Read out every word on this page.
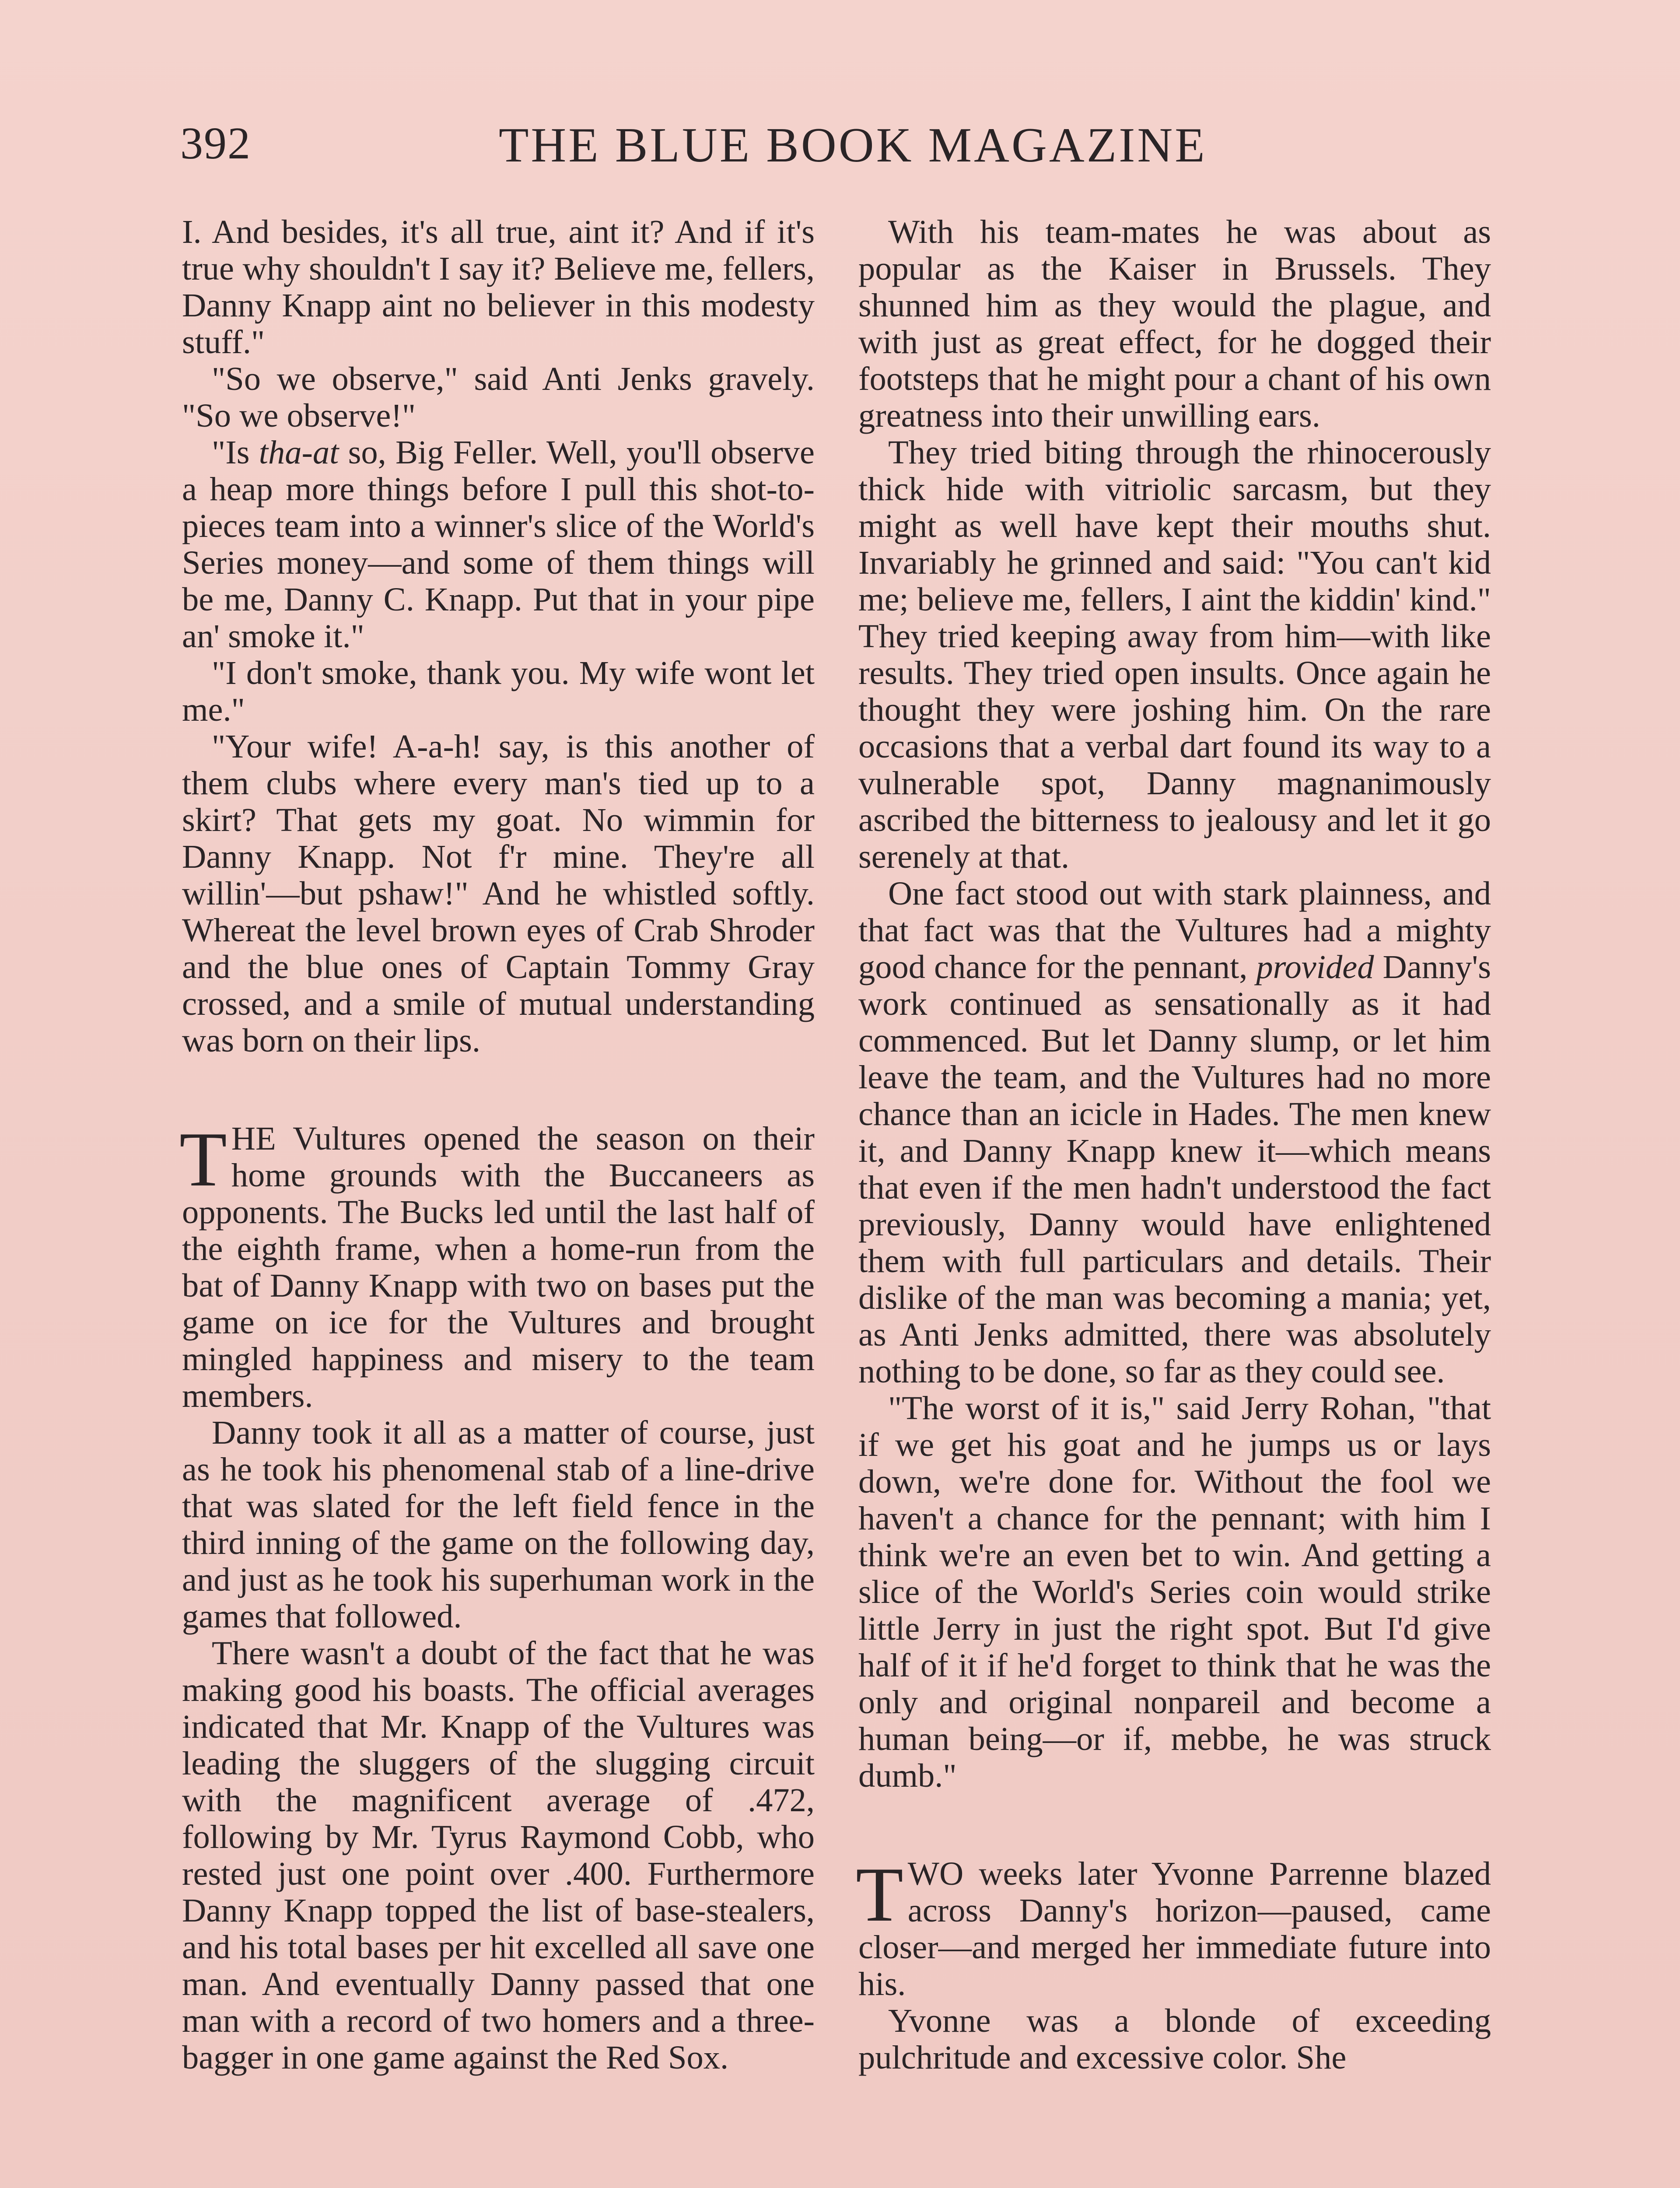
392	THE BLUE BOOK MAGAZINE

I. And besides, it's all true, aint it? And if it's true why shouldn't I say it? Believe me, fellers, Danny Knapp aint no believer in this modesty stuff."

"So we observe," said Anti Jenks gravely. "So we observe!"

"Is tha-at so, Big Feller. Well, you'll observe a heap more things before I pull this shot-to-pieces team into a winner's slice of the World's Series money—and some of them things will be me, Danny C. Knapp. Put that in your pipe an' smoke it."

"I don't smoke, thank you. My wife wont let me."

"Your wife! A-a-h! say, is this another of them clubs where every man's tied up to a skirt? That gets my goat. No wimmin for Danny Knapp. Not f'r mine. They're all willin'—but pshaw!" And he whistled softly. Whereat the level brown eyes of Crab Shroder and the blue ones of Captain Tommy Gray crossed, and a smile of mutual understanding was born on their lips.

THE Vultures opened the season on their home grounds with the Buccaneers as opponents. The Bucks led until the last half of the eighth frame, when a home-run from the bat of Danny Knapp with two on bases put the game on ice for the Vultures and brought mingled happiness and misery to the team members.

Danny took it all as a matter of course, just as he took his phenomenal stab of a line-drive that was slated for the left field fence in the third inning of the game on the following day, and just as he took his superhuman work in the games that followed.

There wasn't a doubt of the fact that he was making good his boasts. The official averages indicated that Mr. Knapp of the Vultures was leading the sluggers of the slugging circuit with the magnificent average of .472, following by Mr. Tyrus Raymond Cobb, who rested just one point over .400. Furthermore Danny Knapp topped the list of base-stealers, and his total bases per hit excelled all save one man. And eventually Danny passed that one man with a record of two homers and a three-bagger in one game against the Red Sox.

With his team-mates he was about as popular as the Kaiser in Brussels. They shunned him as they would the plague, and with just as great effect, for he dogged their footsteps that he might pour a chant of his own greatness into their unwilling ears.

They tried biting through the rhinocerously thick hide with vitriolic sarcasm, but they might as well have kept their mouths shut. Invariably he grinned and said: "You can't kid me; believe me, fellers, I aint the kiddin' kind." They tried keeping away from him—with like results. They tried open insults. Once again he thought they were joshing him. On the rare occasions that a verbal dart found its way to a vulnerable spot, Danny magnanimously ascribed the bitterness to jealousy and let it go serenely at that.

One fact stood out with stark plainness, and that fact was that the Vultures had a mighty good chance for the pennant, provided Danny's work continued as sensationally as it had commenced. But let Danny slump, or let him leave the team, and the Vultures had no more chance than an icicle in Hades. The men knew it, and Danny Knapp knew it—which means that even if the men hadn't understood the fact previously, Danny would have enlightened them with full particulars and details. Their dislike of the man was becoming a mania; yet, as Anti Jenks admitted, there was absolutely nothing to be done, so far as they could see.

"The worst of it is," said Jerry Rohan, "that if we get his goat and he jumps us or lays down, we're done for. Without the fool we haven't a chance for the pennant; with him I think we're an even bet to win. And getting a slice of the World's Series coin would strike little Jerry in just the right spot. But I'd give half of it if he'd forget to think that he was the only and original nonpareil and become a human being—or if, mebbe, he was struck dumb."

TWO weeks later Yvonne Parrenne blazed across Danny's horizon—paused, came closer—and merged her immediate future into his.

Yvonne was a blonde of exceeding pulchritude and excessive color. She
